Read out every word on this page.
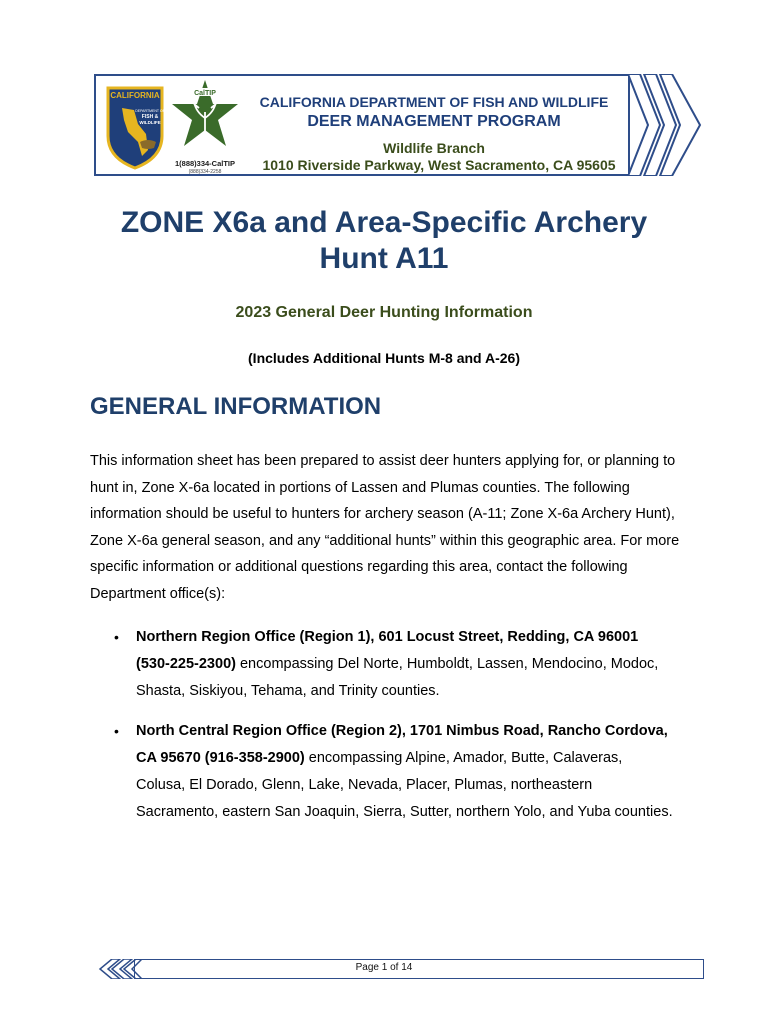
CALIFORNIA
DEPARTMENT OF
FISH &
WILDLIFE
CalTIP
1(888)334-CalTIP
(888)334-2258
CALIFORNIA DEPARTMENT OF FISH AND WILDLIFE
DEER MANAGEMENT PROGRAM
Wildlife Branch
1010 Riverside Parkway, West Sacramento, CA 95605
ZONE X6a and Area-Specific Archery Hunt A11
2023 General Deer Hunting Information
(Includes Additional Hunts M-8 and A-26)
GENERAL INFORMATION
This information sheet has been prepared to assist deer hunters applying for, or planning to hunt in, Zone X-6a located in portions of Lassen and Plumas counties. The following information should be useful to hunters for archery season (A-11; Zone X-6a Archery Hunt), Zone X-6a general season, and any “additional hunts” within this geographic area. For more specific information or additional questions regarding this area, contact the following Department office(s):
• Northern Region Office (Region 1), 601 Locust Street, Redding, CA 96001 (530-225-2300) encompassing Del Norte, Humboldt, Lassen, Mendocino, Modoc, Shasta, Siskiyou, Tehama, and Trinity counties.
• North Central Region Office (Region 2), 1701 Nimbus Road, Rancho Cordova, CA 95670 (916-358-2900) encompassing Alpine, Amador, Butte, Calaveras, Colusa, El Dorado, Glenn, Lake, Nevada, Placer, Plumas, northeastern Sacramento, eastern San Joaquin, Sierra, Sutter, northern Yolo, and Yuba counties.
Page 1 of 14
